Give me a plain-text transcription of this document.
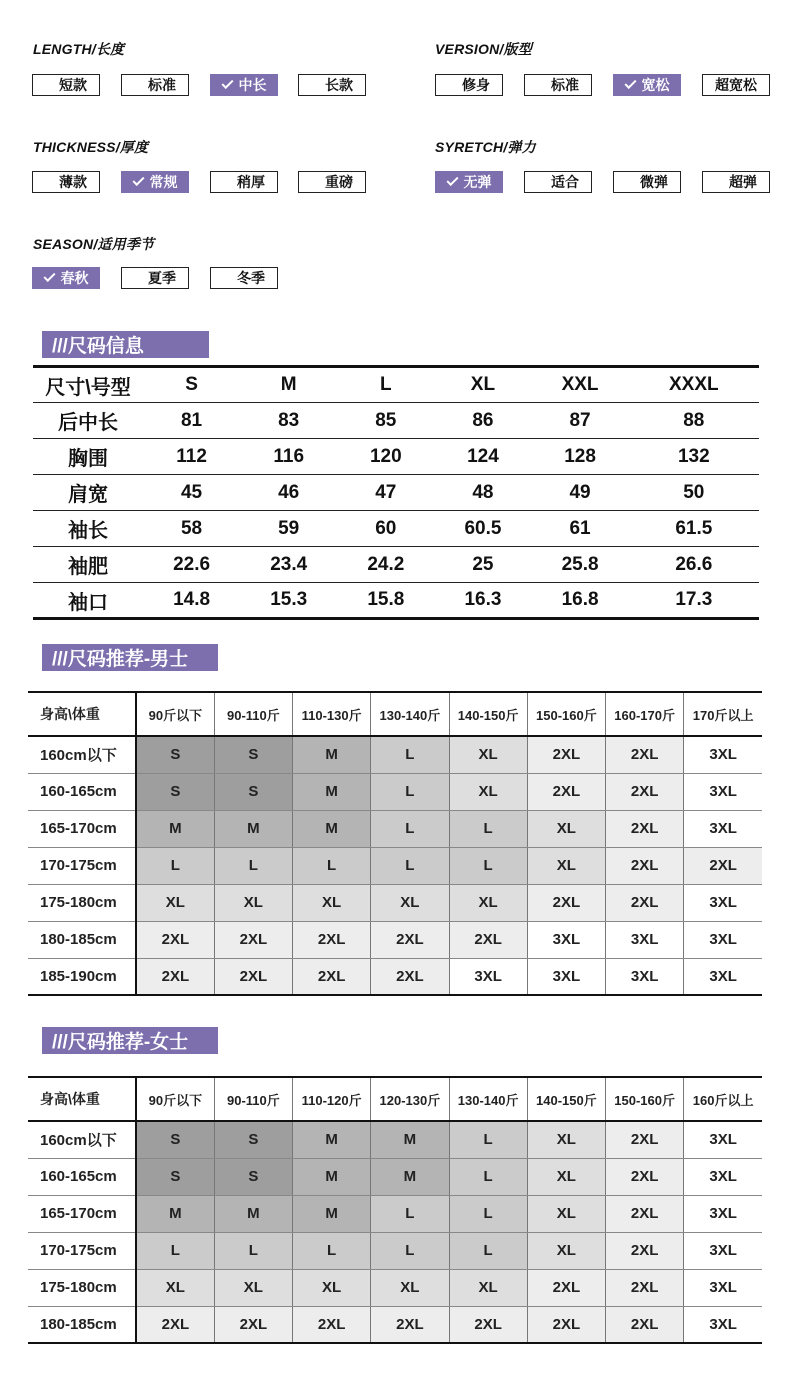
LENGTH/长度
短款	标准	中长	长款
VERSION/版型
修身	标准	宽松	超宽松
THICKNESS/厚度
薄款	常规	稍厚	重磅
SYRETCH/弹力
无弹	适合	微弹	超弹
SEASON/适用季节
春秋	夏季	冬季
///尺码信息
尺寸\号型	S	M	L	XL	XXL	XXXL
后中长	81	83	85	86	87	88
胸围	112	116	120	124	128	132
肩宽	45	46	47	48	49	50
袖长	58	59	60	60.5	61	61.5
袖肥	22.6	23.4	24.2	25	25.8	26.6
袖口	14.8	15.3	15.8	16.3	16.8	17.3
///尺码推荐-男士
身高\体重	90斤以下	90-110斤	110-130斤	130-140斤	140-150斤	150-160斤	160-170斤	170斤以上
160cm以下	S	S	M	L	XL	2XL	2XL	3XL
160-165cm	S	S	M	L	XL	2XL	2XL	3XL
165-170cm	M	M	M	L	L	XL	2XL	3XL
170-175cm	L	L	L	L	L	XL	2XL	2XL
175-180cm	XL	XL	XL	XL	XL	2XL	2XL	3XL
180-185cm	2XL	2XL	2XL	2XL	2XL	3XL	3XL	3XL
185-190cm	2XL	2XL	2XL	2XL	3XL	3XL	3XL	3XL
///尺码推荐-女士
身高\体重	90斤以下	90-110斤	110-120斤	120-130斤	130-140斤	140-150斤	150-160斤	160斤以上
160cm以下	S	S	M	M	L	XL	2XL	3XL
160-165cm	S	S	M	M	L	XL	2XL	3XL
165-170cm	M	M	M	L	L	XL	2XL	3XL
170-175cm	L	L	L	L	L	XL	2XL	3XL
175-180cm	XL	XL	XL	XL	XL	2XL	2XL	3XL
180-185cm	2XL	2XL	2XL	2XL	2XL	2XL	2XL	3XL
